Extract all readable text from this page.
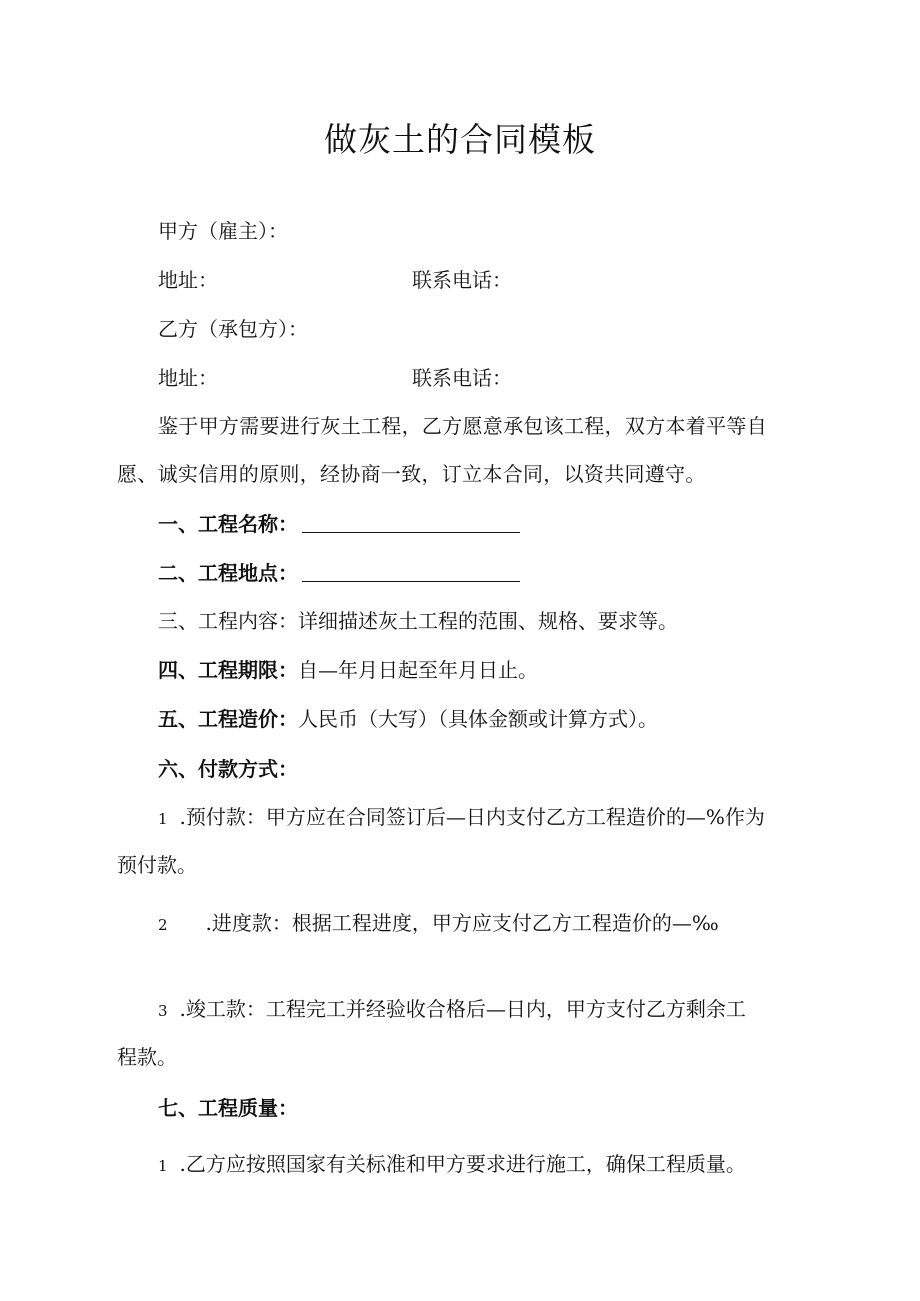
做灰土的合同模板
甲方（雇主）：
地址：	联系电话：
乙方（承包方）：
地址：	联系电话：
鉴于甲方需要进行灰土工程，乙方愿意承包该工程，双方本着平等自
愿、诚实信用的原则，经协商一致，订立本合同，以资共同遵守。
一、工程名称：
二、工程地点：
三、工程内容：详细描述灰土工程的范围、规格、要求等。
四、工程期限：自—年月日起至年月日止。
五、工程造价：人民币（大写）（具体金额或计算方式）。
六、付款方式：
1 .预付款：甲方应在合同签订后—日内支付乙方工程造价的—%作为
预付款。
2 .进度款：根据工程进度，甲方应支付乙方工程造价的—‰
3 .竣工款：工程完工并经验收合格后—日内，甲方支付乙方剩余工
程款。
七、工程质量：
1 .乙方应按照国家有关标准和甲方要求进行施工，确保工程质量。
